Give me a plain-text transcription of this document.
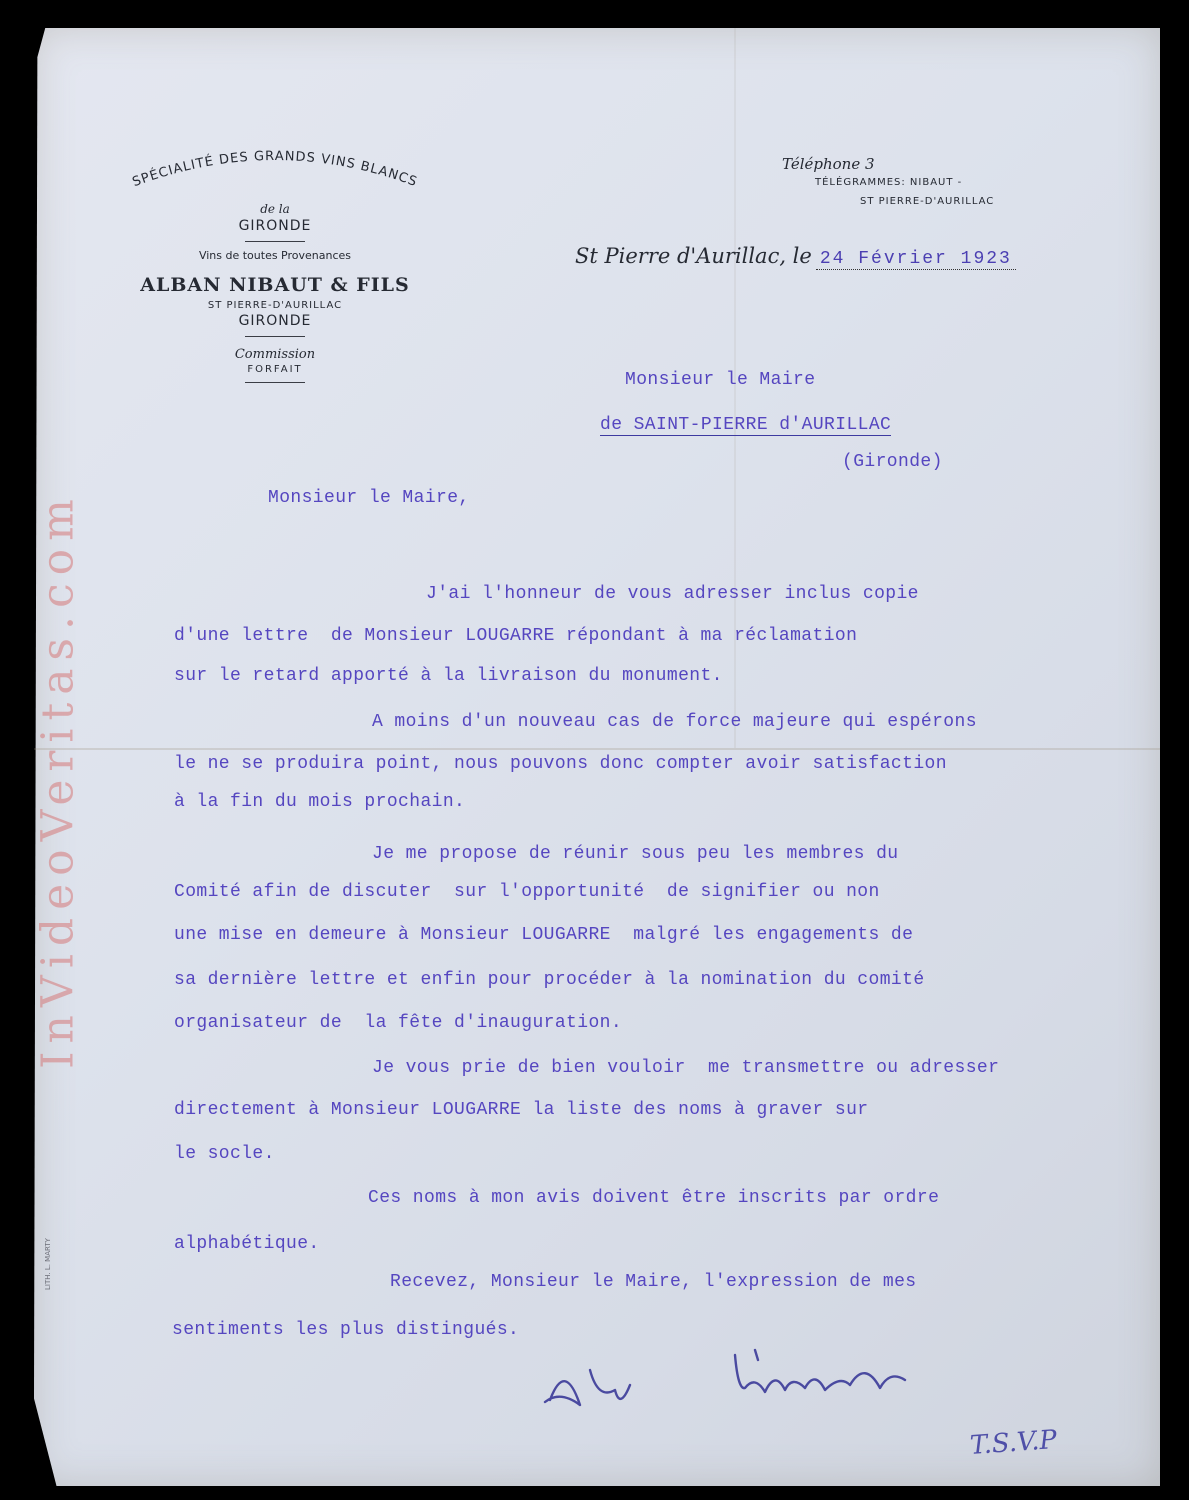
InVideoVeritas.com
LITH. L. MARTY
SPÉCIALITÉ DES GRANDS VINS BLANCS
de la
GIRONDE
Vins de toutes Provenances
ALBAN NIBAUT & FILS
ST PIERRE-D'AURILLAC
GIRONDE
Commission
FORFAIT
Téléphone 3
TÉLÉGRAMMES: NIBAUT -
ST PIERRE-D'AURILLAC
St Pierre d'Aurillac, le 24 Février 1923
Monsieur le Maire
de SAINT-PIERRE d'AURILLAC
(Gironde)
Monsieur le Maire,
J'ai l'honneur de vous adresser inclus copie
d'une lettre  de Monsieur LOUGARRE répondant à ma réclamation
sur le retard apporté à la livraison du monument.
A moins d'un nouveau cas de force majeure qui espérons
le ne se produira point, nous pouvons donc compter avoir satisfaction
à la fin du mois prochain.
Je me propose de réunir sous peu les membres du
Comité afin de discuter  sur l'opportunité  de signifier ou non
une mise en demeure à Monsieur LOUGARRE  malgré les engagements de
sa dernière lettre et enfin pour procéder à la nomination du comité
organisateur de  la fête d'inauguration.
Je vous prie de bien vouloir  me transmettre ou adresser
directement à Monsieur LOUGARRE la liste des noms à graver sur
le socle.
Ces noms à mon avis doivent être inscrits par ordre
alphabétique.
Recevez, Monsieur le Maire, l'expression de mes
sentiments les plus distingués.
T.S.V.P
